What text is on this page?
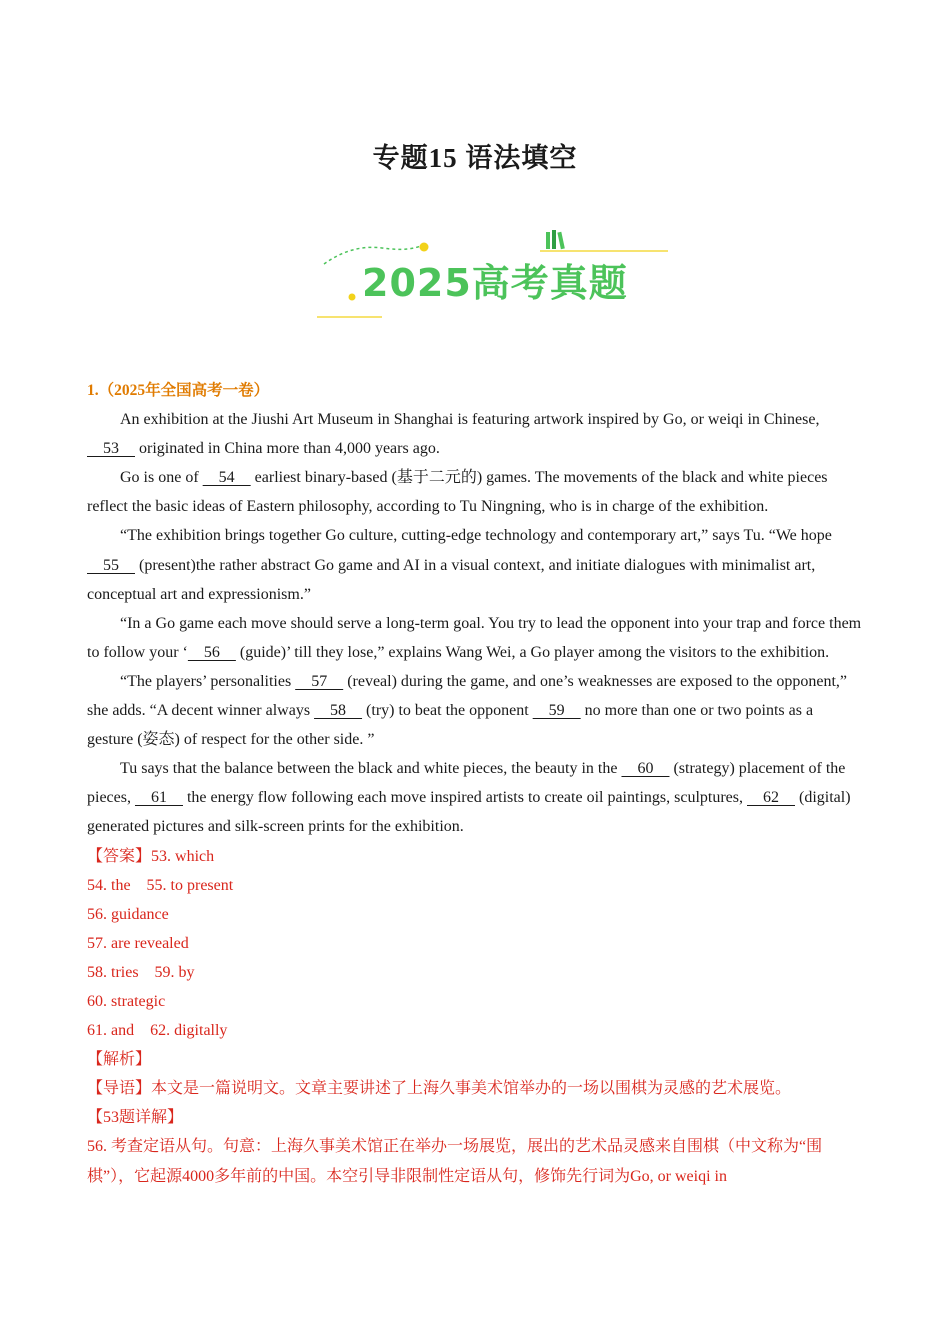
专题15 语法填空
2025高考真题

1.（2025年全国高考一卷）

An exhibition at the Jiushi Art Museum in Shanghai is featuring artwork inspired by Go, or weiqi in Chinese,     53     originated in China more than 4,000 years ago.

Go is one of     54     earliest binary-based (基于二元的) games. The movements of the black and white pieces reflect the basic ideas of Eastern philosophy, according to Tu Ningning, who is in charge of the exhibition.

“The exhibition brings together Go culture, cutting-edge technology and contemporary art,” says Tu. “We hope     55     (present)the rather abstract Go game and AI in a visual context, and initiate dialogues with minimalist art, conceptual art and expressionism.”

“In a Go game each move should serve a long-term goal. You try to lead the opponent into your trap and force them to follow your ‘    56     (guide)’ till they lose,” explains Wang Wei, a Go player among the visitors to the exhibition.

“The players’ personalities     57     (reveal) during the game, and one’s weaknesses are exposed to the opponent,” she adds. “A decent winner always     58     (try) to beat the opponent     59     no more than one or two points as a gesture (姿态) of respect for the other side. ”

Tu says that the balance between the black and white pieces, the beauty in the     60     (strategy) placement of the pieces,     61     the energy flow following each move inspired artists to create oil paintings, sculptures,     62     (digital) generated pictures and silk-screen prints for the exhibition.

【答案】53. which

54. the    55. to present

56. guidance

57. are revealed

58. tries    59. by

60. strategic

61. and    62. digitally

【解析】

【导语】本文是一篇说明文。文章主要讲述了上海久事美术馆举办的一场以围棋为灵感的艺术展览。

【53题详解】

56. 考查定语从句。句意：上海久事美术馆正在举办一场展览，展出的艺术品灵感来自围棋（中文称为“围棋”），它起源4000多年前的中国。本空引导非限制性定语从句，修饰先行词为Go, or weiqi in
